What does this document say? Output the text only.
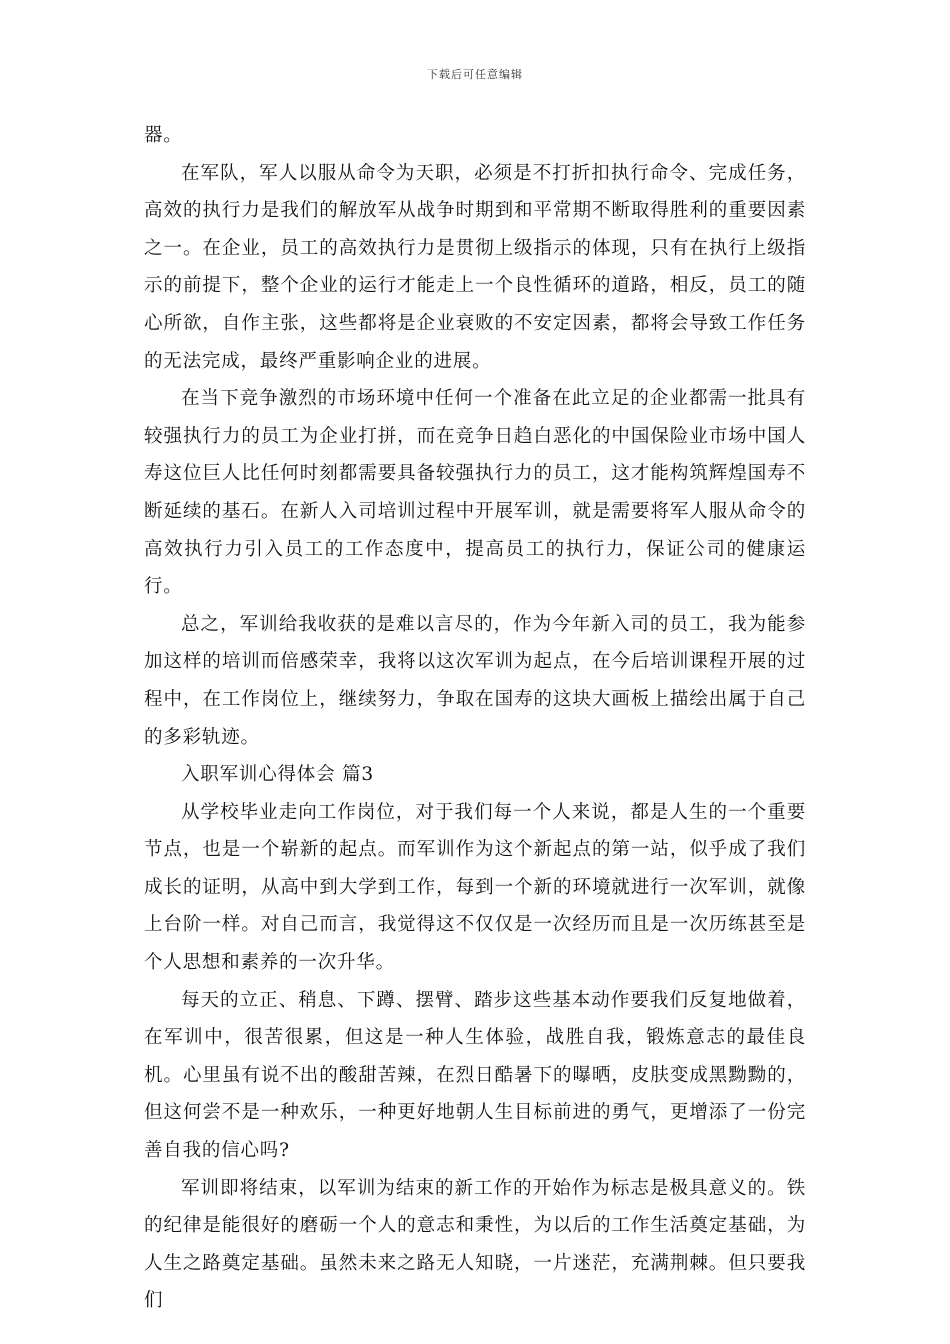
下载后可任意编辑

器。

在军队，军人以服从命令为天职，必须是不打折扣执行命令、完成任务，高效的执行力是我们的解放军从战争时期到和平常期不断取得胜利的重要因素之一。在企业，员工的高效执行力是贯彻上级指示的体现，只有在执行上级指示的前提下，整个企业的运行才能走上一个良性循环的道路，相反，员工的随心所欲，自作主张，这些都将是企业衰败的不安定因素，都将会导致工作任务的无法完成，最终严重影响企业的进展。

在当下竞争激烈的市场环境中任何一个准备在此立足的企业都需一批具有较强执行力的员工为企业打拼，而在竞争日趋白恶化的中国保险业市场中国人寿这位巨人比任何时刻都需要具备较强执行力的员工，这才能构筑辉煌国寿不断延续的基石。在新人入司培训过程中开展军训，就是需要将军人服从命令的高效执行力引入员工的工作态度中，提高员工的执行力，保证公司的健康运行。

总之，军训给我收获的是难以言尽的，作为今年新入司的员工，我为能参加这样的培训而倍感荣幸，我将以这次军训为起点，在今后培训课程开展的过程中，在工作岗位上，继续努力，争取在国寿的这块大画板上描绘出属于自己的多彩轨迹。

入职军训心得体会 篇3

从学校毕业走向工作岗位，对于我们每一个人来说，都是人生的一个重要节点，也是一个崭新的起点。而军训作为这个新起点的第一站，似乎成了我们成长的证明，从高中到大学到工作，每到一个新的环境就进行一次军训，就像上台阶一样。对自己而言，我觉得这不仅仅是一次经历而且是一次历练甚至是个人思想和素养的一次升华。

每天的立正、稍息、下蹲、摆臂、踏步这些基本动作要我们反复地做着，在军训中，很苦很累，但这是一种人生体验，战胜自我，锻炼意志的最佳良机。心里虽有说不出的酸甜苦辣，在烈日酷暑下的曝晒，皮肤变成黑黝黝的，但这何尝不是一种欢乐，一种更好地朝人生目标前进的勇气，更增添了一份完善自我的信心吗?

军训即将结束，以军训为结束的新工作的开始作为标志是极具意义的。铁的纪律是能很好的磨砺一个人的意志和秉性，为以后的工作生活奠定基础，为人生之路奠定基础。虽然未来之路无人知晓，一片迷茫，充满荆棘。但只要我们
